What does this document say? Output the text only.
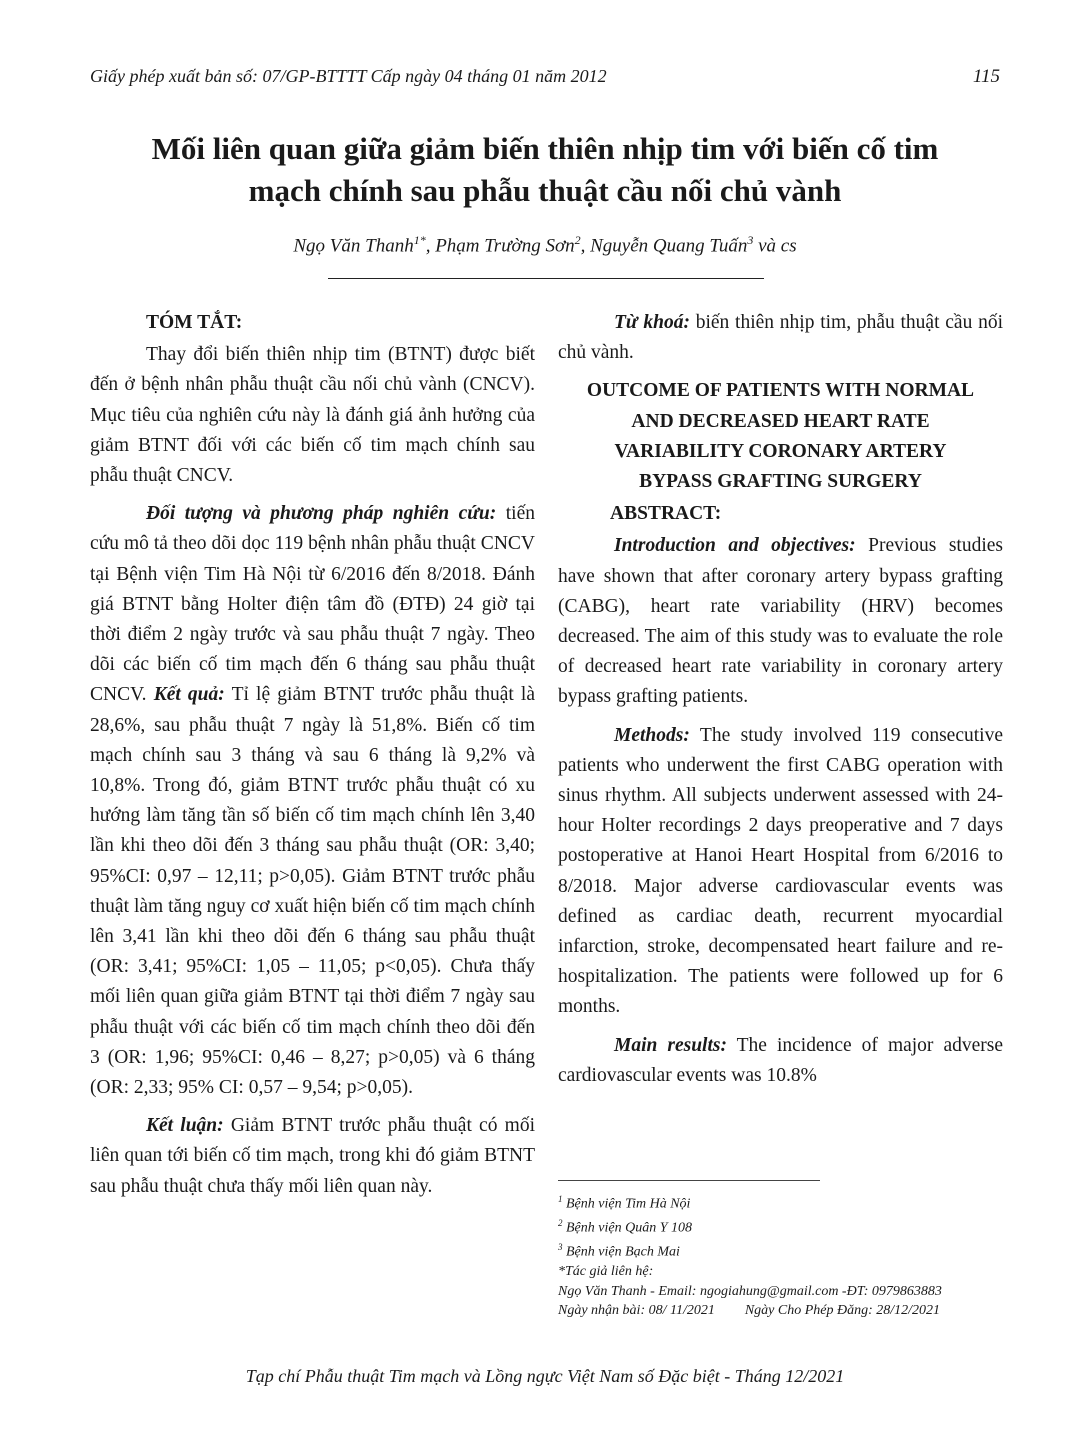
Giấy phép xuất bản số: 07/GP-BTTTT Cấp ngày 04 tháng 01 năm 2012	115
Mối liên quan giữa giảm biến thiên nhịp tim với biến cố tim
mạch chính sau phẫu thuật cầu nối chủ vành
Ngọ Văn Thanh$^{1*}$, Phạm Trường Sơn$^2$, Nguyễn Quang Tuấn$^3$ và cs
TÓM TẮT:

Thay đổi biến thiên nhịp tim (BTNT) được biết đến ở bệnh nhân phẫu thuật cầu nối chủ vành (CNCV). Mục tiêu của nghiên cứu này là đánh giá ảnh hưởng của giảm BTNT đối với các biến cố tim mạch chính sau phẫu thuật CNCV.

Đối tượng và phương pháp nghiên cứu: tiến cứu mô tả theo dõi dọc 119 bệnh nhân phẫu thuật CNCV tại Bệnh viện Tim Hà Nội từ 6/2016 đến 8/2018. Đánh giá BTNT bằng Holter điện tâm đồ (ĐTĐ) 24 giờ tại thời điểm 2 ngày trước và sau phẫu thuật 7 ngày. Theo dõi các biến cố tim mạch đến 6 tháng sau phẫu thuật CNCV. Kết quả: Tỉ lệ giảm BTNT trước phẫu thuật là 28,6%, sau phẫu thuật 7 ngày là 51,8%. Biến cố tim mạch chính sau 3 tháng và sau 6 tháng là 9,2% và 10,8%. Trong đó, giảm BTNT trước phẫu thuật có xu hướng làm tăng tần số biến cố tim mạch chính lên 3,40 lần khi theo dõi đến 3 tháng sau phẫu thuật (OR: 3,40; 95%CI: 0,97 – 12,11; p>0,05). Giảm BTNT trước phẫu thuật làm tăng nguy cơ xuất hiện biến cố tim mạch chính lên 3,41 lần khi theo dõi đến 6 tháng sau phẫu thuật (OR: 3,41; 95%CI: 1,05 – 11,05; p<0,05). Chưa thấy mối liên quan giữa giảm BTNT tại thời điểm 7 ngày sau phẫu thuật với các biến cố tim mạch chính theo dõi đến 3 (OR: 1,96; 95%CI: 0,46 – 8,27; p>0,05) và 6 tháng (OR: 2,33; 95% CI: 0,57 – 9,54; p>0,05).

Kết luận: Giảm BTNT trước phẫu thuật có mối liên quan tới biến cố tim mạch, trong khi đó giảm BTNT sau phẫu thuật chưa thấy mối liên quan này.

Từ khoá: biến thiên nhịp tim, phẫu thuật cầu nối chủ vành.

OUTCOME OF PATIENTS WITH NORMAL
AND DECREASED HEART RATE
VARIABILITY CORONARY ARTERY
BYPASS GRAFTING SURGERY
ABSTRACT:

Introduction and objectives: Previous studies have shown that after coronary artery bypass grafting (CABG), heart rate variability (HRV) becomes decreased. The aim of this study was to evaluate the role of decreased heart rate variability in coronary artery bypass grafting patients.

Methods: The study involved 119 consecutive patients who underwent the first CABG operation with sinus rhythm. All subjects underwent assessed with 24-hour Holter recordings 2 days preoperative and 7 days postoperative at Hanoi Heart Hospital from 6/2016 to 8/2018. Major adverse cardiovascular events was defined as cardiac death, recurrent myocardial infarction, stroke, decompensated heart failure and re-hospitalization. The patients were followed up for 6 months.

Main results: The incidence of major adverse cardiovascular events was 10.8%

$^1$ Bệnh viện Tim Hà Nội
$^2$ Bệnh viện Quân Y 108
$^3$ Bệnh viện Bạch Mai
*Tác giả liên hệ:
Ngọ Văn Thanh - Email: ngogiahung@gmail.com -ĐT: 0979863883
Ngày nhận bài: 08/ 11/2021 Ngày Cho Phép Đăng: 28/12/2021
Tạp chí Phẫu thuật Tim mạch và Lồng ngực Việt Nam số Đặc biệt - Tháng 12/2021
